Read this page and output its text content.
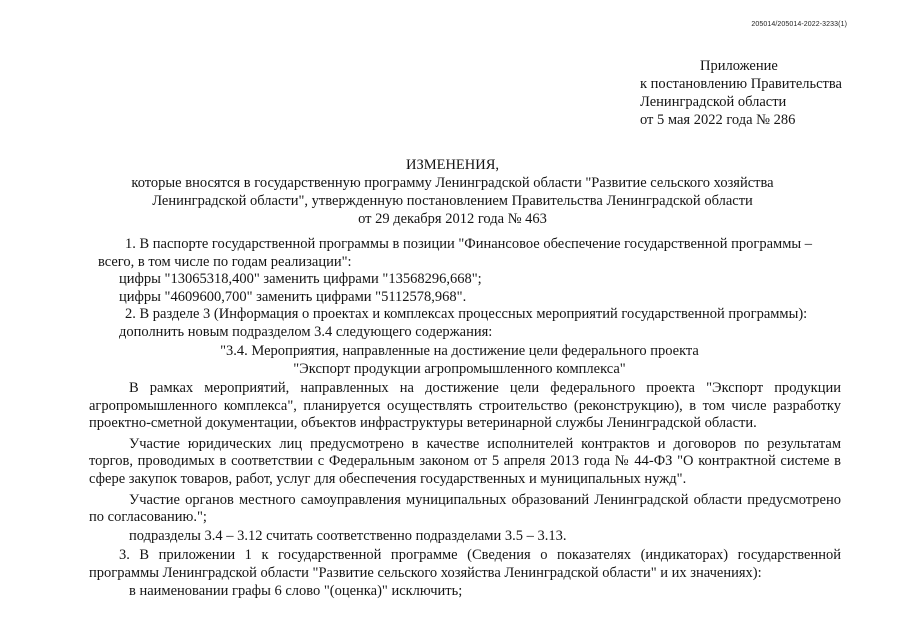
205014/205014-2022-3233(1)
Приложение
к постановлению Правительства
Ленинградской области
от 5 мая 2022 года № 286
ИЗМЕНЕНИЯ,
которые вносятся в государственную программу Ленинградской области "Развитие сельского хозяйства
Ленинградской области", утвержденную постановлением Правительства Ленинградской области
от 29 декабря 2012 года № 463
1. В паспорте государственной программы в позиции "Финансовое обеспечение государственной программы –
всего, в том числе по годам реализации":
цифры "13065318,400" заменить цифрами "13568296,668";
цифры "4609600,700" заменить цифрами "5112578,968".
2. В разделе 3 (Информация о проектах и комплексах процессных мероприятий государственной программы):
дополнить новым подразделом 3.4 следующего содержания:
"3.4. Мероприятия, направленные на достижение цели федерального проекта
"Экспорт продукции агропромышленного комплекса"
В рамках мероприятий, направленных на достижение цели федерального проекта "Экспорт продукции агропромышленного комплекса", планируется осуществлять строительство (реконструкцию), в том числе разработку проектно-сметной документации, объектов инфраструктуры ветеринарной службы Ленинградской области.
Участие юридических лиц предусмотрено в качестве исполнителей контрактов и договоров по результатам торгов, проводимых в соответствии с Федеральным законом от 5 апреля 2013 года № 44-ФЗ "О контрактной системе в сфере закупок товаров, работ, услуг для обеспечения государственных и муниципальных нужд".
Участие органов местного самоуправления муниципальных образований Ленинградской области предусмотрено по согласованию.";
подразделы 3.4 – 3.12 считать соответственно подразделами 3.5 – 3.13.
3. В приложении 1 к государственной программе (Сведения о показателях (индикаторах) государственной программы Ленинградской области "Развитие сельского хозяйства Ленинградской области" и их значениях):
в наименовании графы 6 слово "(оценка)" исключить;
